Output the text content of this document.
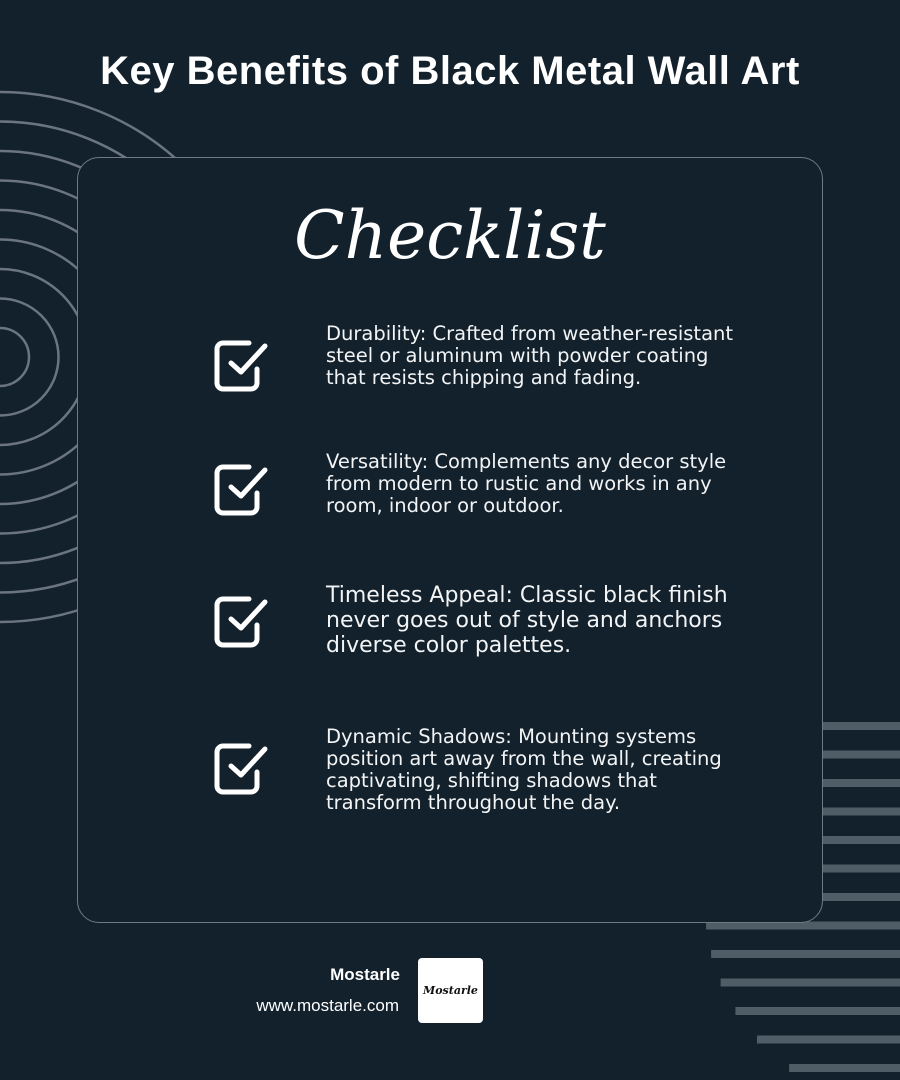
Key Benefits of Black Metal Wall Art
Checklist
Durability: Crafted from weather-resistant steel or aluminum with powder coating that resists chipping and fading.
Versatility: Complements any decor style from modern to rustic and works in any room, indoor or outdoor.
Timeless Appeal: Classic black finish never goes out of style and anchors diverse color palettes.
Dynamic Shadows: Mounting systems position art away from the wall, creating captivating, shifting shadows that transform throughout the day.
Mostarle
www.mostarle.com
Mostarle
